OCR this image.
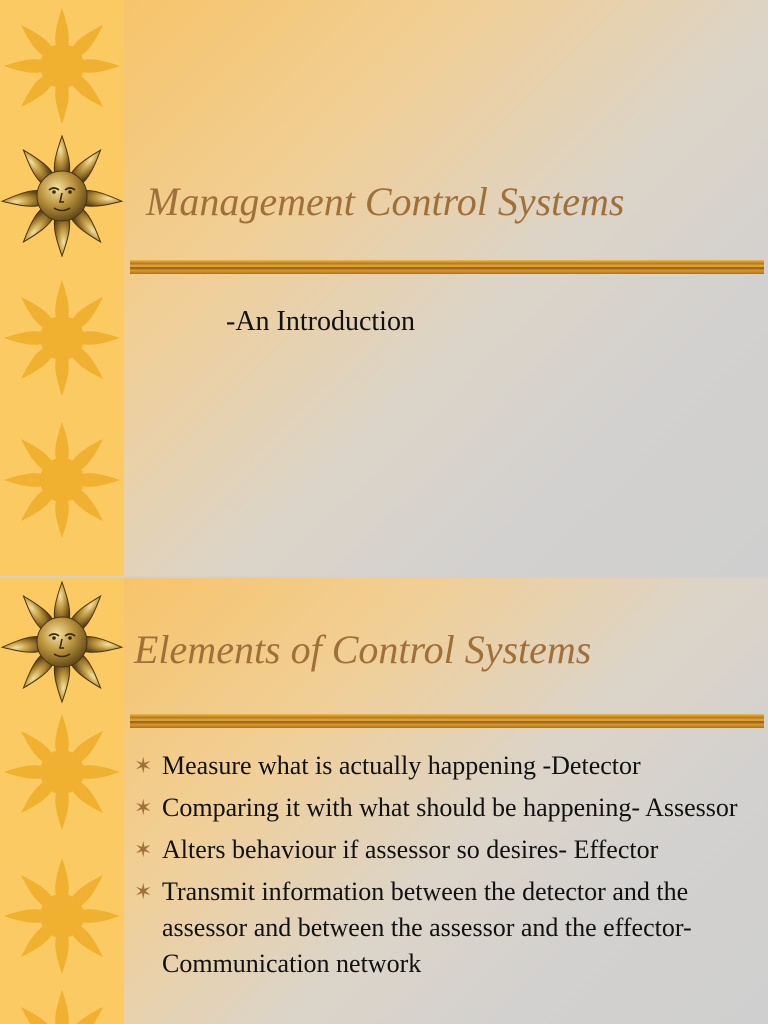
Management Control Systems

-An Introduction

Elements of Control Systems
✶ Measure what is actually happening -Detector
✶ Comparing it with what should be happening- Assessor
✶ Alters behaviour if assessor so desires- Effector
✶ Transmit information between the detector and the assessor and between the assessor and the effector- Communication network
